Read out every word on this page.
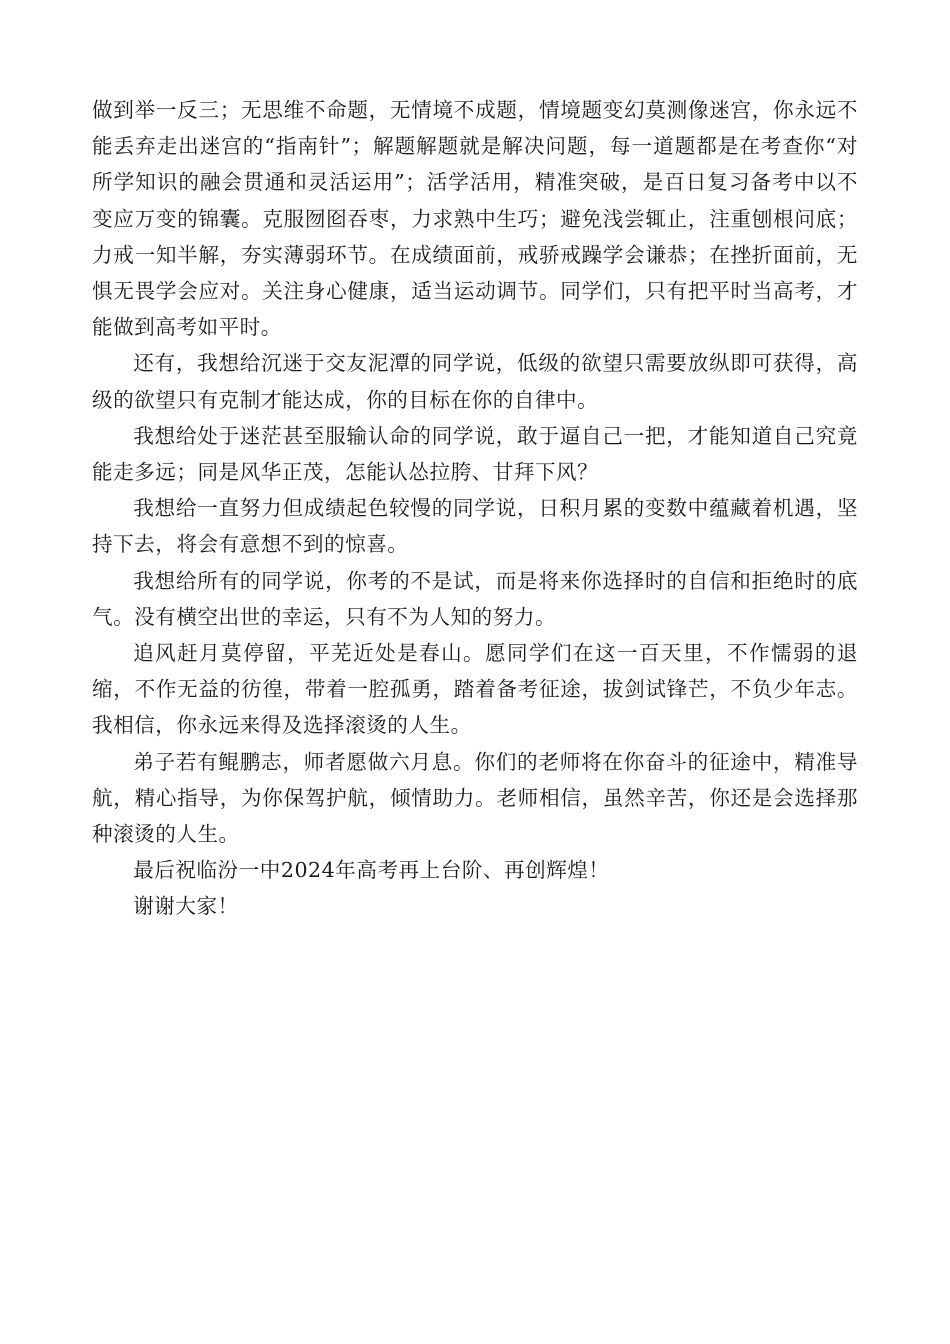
做到举一反三；无思维不命题，无情境不成题，情境题变幻莫测像迷宫，你永远不能丢弃走出迷宫的“指南针”；解题解题就是解决问题，每一道题都是在考查你“对所学知识的融会贯通和灵活运用”；活学活用，精准突破，是百日复习备考中以不变应万变的锦囊。克服囫囵吞枣，力求熟中生巧；避免浅尝辄止，注重刨根问底；力戒一知半解，夯实薄弱环节。在成绩面前，戒骄戒躁学会谦恭；在挫折面前，无惧无畏学会应对。关注身心健康，适当运动调节。同学们，只有把平时当高考，才能做到高考如平时。

还有，我想给沉迷于交友泥潭的同学说，低级的欲望只需要放纵即可获得，高级的欲望只有克制才能达成，你的目标在你的自律中。

我想给处于迷茫甚至服输认命的同学说，敢于逼自己一把，才能知道自己究竟能走多远；同是风华正茂，怎能认怂拉胯、甘拜下风？

我想给一直努力但成绩起色较慢的同学说，日积月累的变数中蕴藏着机遇，坚持下去，将会有意想不到的惊喜。

我想给所有的同学说，你考的不是试，而是将来你选择时的自信和拒绝时的底气。没有横空出世的幸运，只有不为人知的努力。

追风赶月莫停留，平芜近处是春山。愿同学们在这一百天里，不作懦弱的退缩，不作无益的彷徨，带着一腔孤勇，踏着备考征途，拔剑试锋芒，不负少年志。我相信，你永远来得及选择滚烫的人生。

弟子若有鲲鹏志，师者愿做六月息。你们的老师将在你奋斗的征途中，精准导航，精心指导，为你保驾护航，倾情助力。老师相信，虽然辛苦，你还是会选择那种滚烫的人生。

最后祝临汾一中2024年高考再上台阶、再创辉煌！

谢谢大家！
